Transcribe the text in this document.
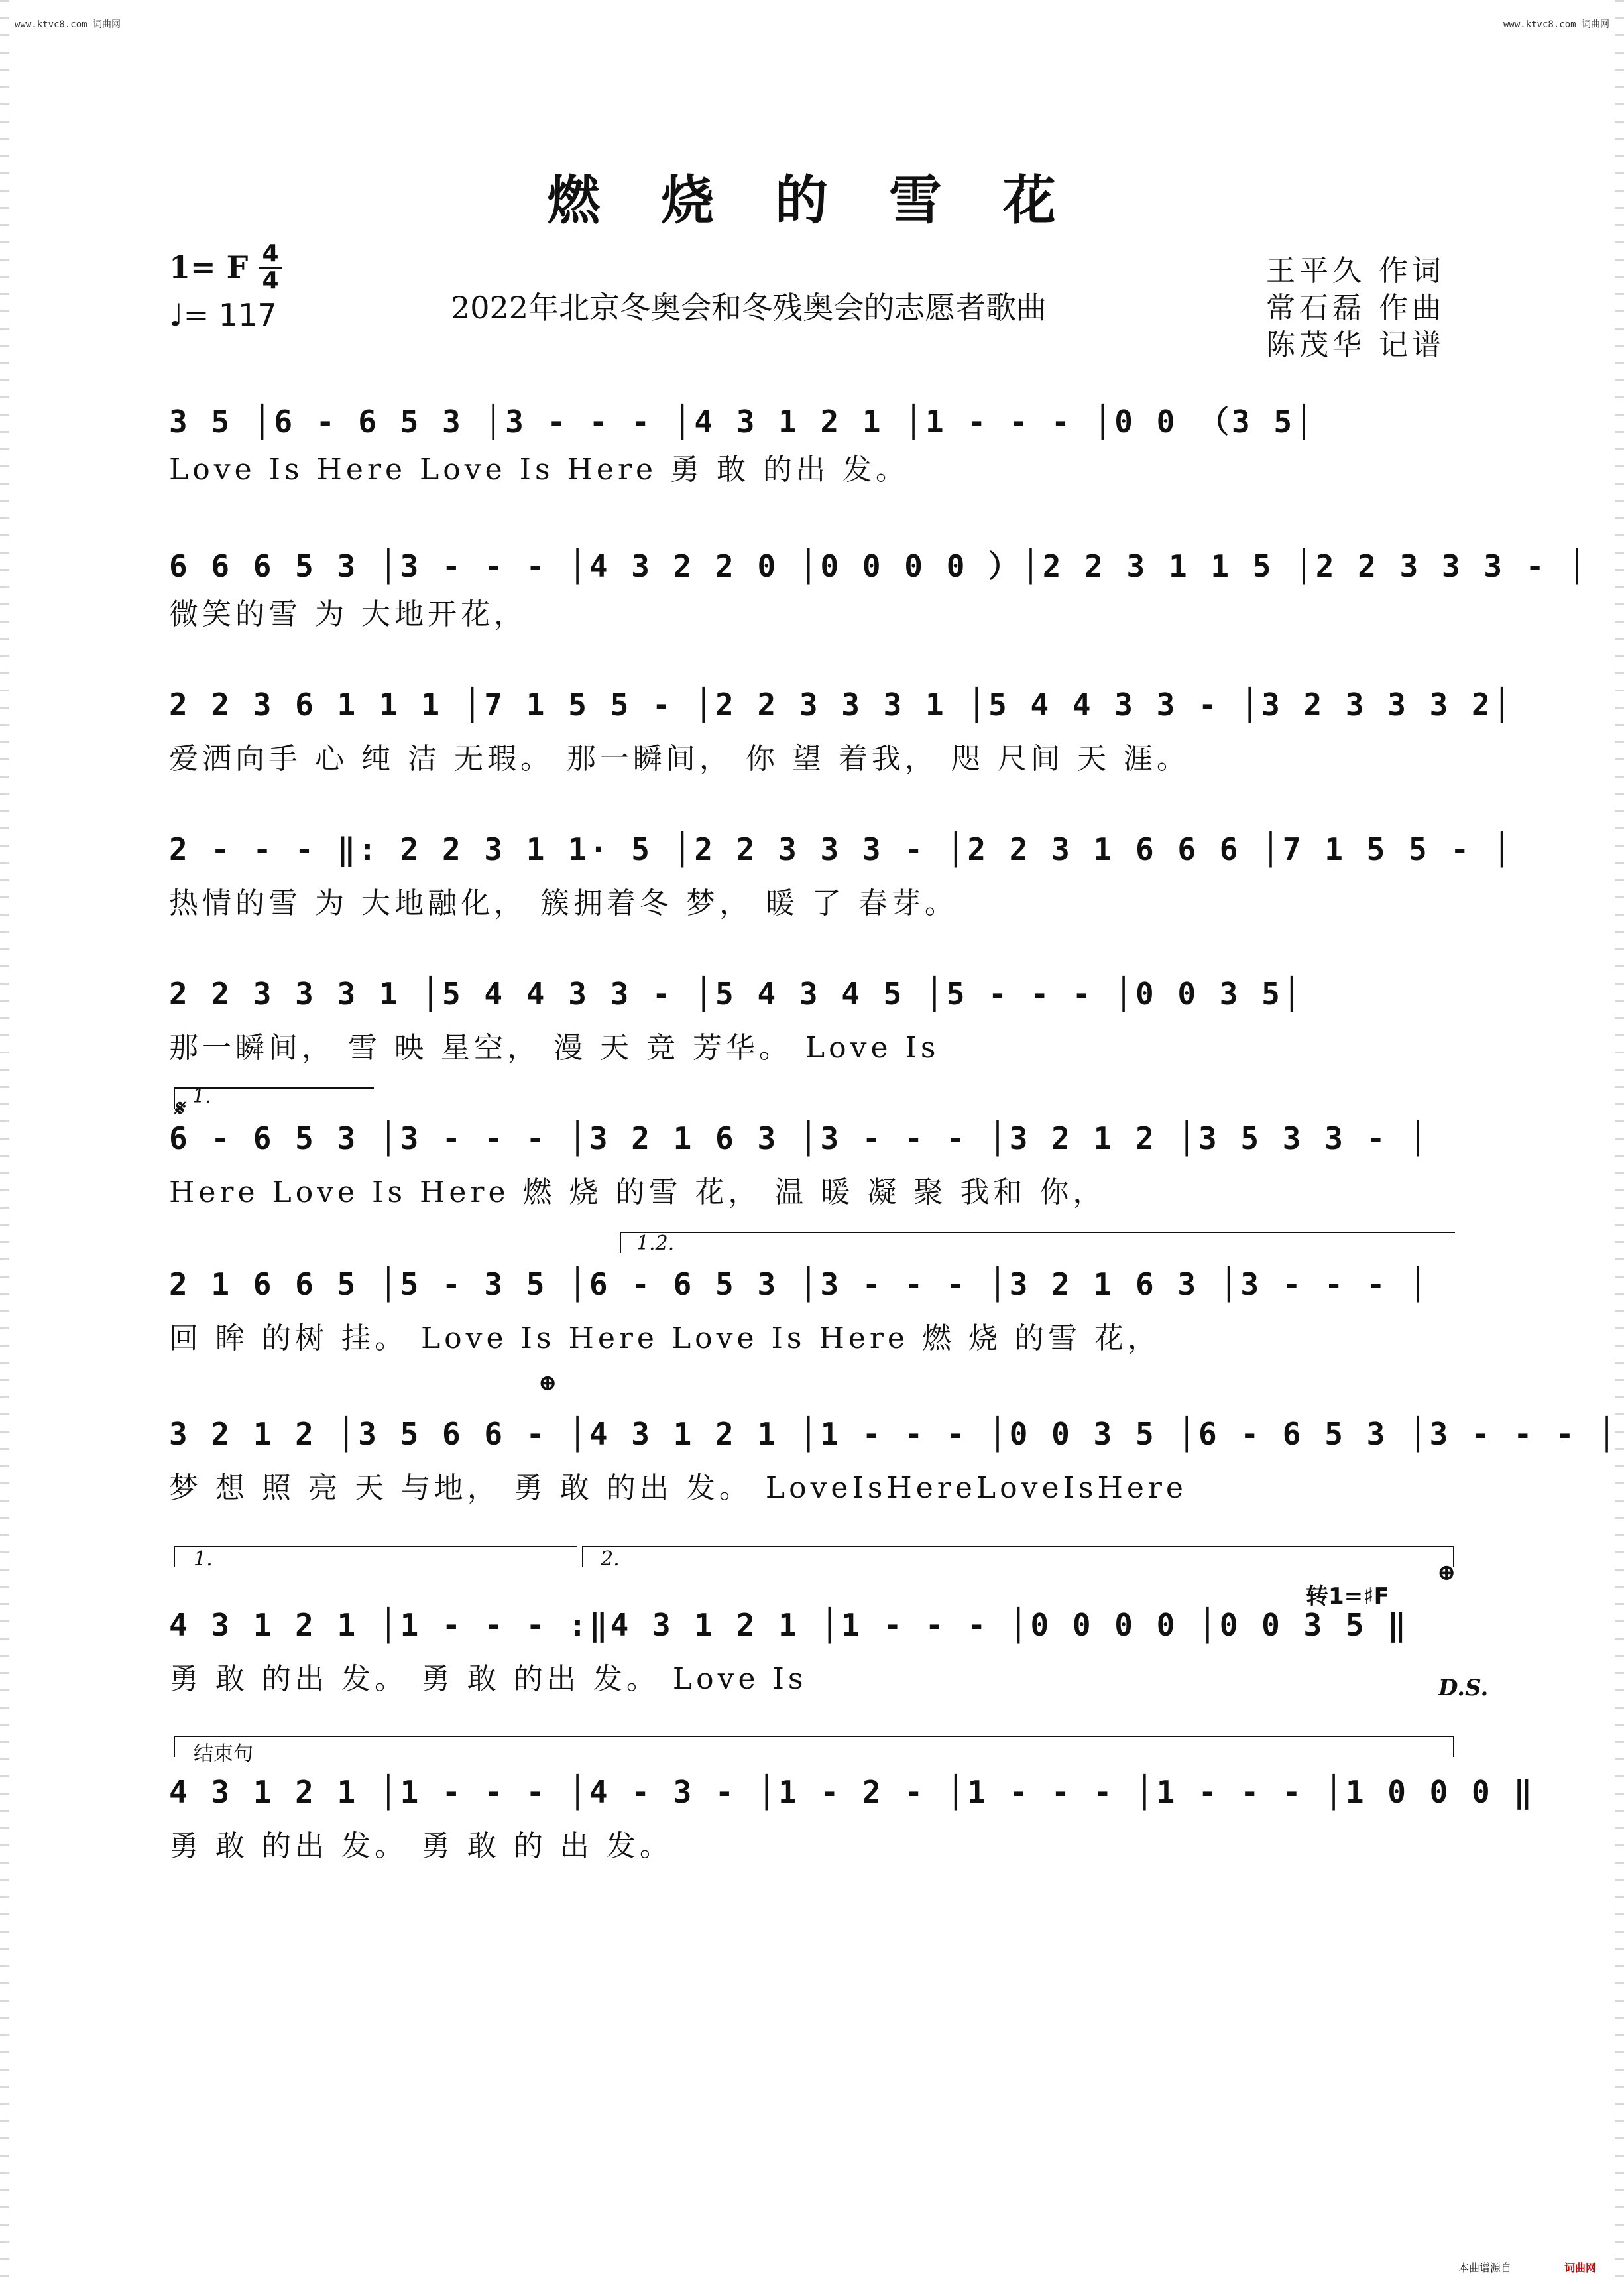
www.ktvc8.com 词曲网	www.ktvc8.com 词曲网
燃 烧 的 雪 花
1= F 4
4
♩= 117	2022年北京冬奥会和冬残奥会的志愿者歌曲
王平久 作词
常石磊 作曲
陈茂华 记谱
3 5 │6 - 6 5 3 │3 - - - │4 3 1 2 1 │1 - - - │0 0 （3 5│
Love Is Here Love Is Here 勇 敢 的出 发。
6 6 6 5 3 │3 - - - │4 3 2 2 0 │0 0 0 0 ）│2 2 3 1 1 5 │2 2 3 3 3 - │
微笑的雪 为 大地开花，
2 2 3 6 1 1 1 │7 1 5 5 - │2 2 3 3 3 1 │5 4 4 3 3 - │3 2 3 3 3 2│
爱洒向手 心 纯 洁 无瑕。 那一瞬间， 你 望 着我， 咫 尺间 天 涯。
2 - - - ‖: 2 2 3 1 1· 5 │2 2 3 3 3 - │2 2 3 1 6 6 6 │7 1 5 5 - │
热情的雪 为 大地融化， 簇拥着冬 梦， 暖 了 春芽。
2 2 3 3 3 1 │5 4 4 3 3 - │5 4 3 4 5 │5 - - - │0 0 3 5│
那一瞬间， 雪 映 星空， 漫 天 竞 芳华。 Love Is
1.
𝄋
6 - 6 5 3 │3 - - - │3 2 1 6 3 │3 - - - │3 2 1 2 │3 5 3 3 - │
Here Love Is Here 燃 烧 的雪 花， 温 暖 凝 聚 我和 你，
1.2.
2 1 6 6 5 │5 - 3 5 │6 - 6 5 3 │3 - - - │3 2 1 6 3 │3 - - - │
回 眸 的树 挂。 Love Is Here Love Is Here 燃 烧 的雪 花，
⊕
3 2 1 2 │3 5 6 6 - │4 3 1 2 1 │1 - - - │0 0 3 5 │6 - 6 5 3 │3 - - - │
梦 想 照 亮 天 与地， 勇 敢 的出 发。 LoveIsHereLoveIsHere
1.	2.
转1=♯F
⊕
4 3 1 2 1 │1 - - - :‖4 3 1 2 1 │1 - - - │0 0 0 0 │0 0 3 5 ‖
勇 敢 的出 发。 勇 敢 的出 发。 Love Is	D.S.
结束句
4 3 1 2 1 │1 - - - │4 - 3 - │1 - 2 - │1 - - - │1 - - - │1 0 0 0 ‖
勇 敢 的出 发。 勇 敢 的 出 发。
本曲谱源自	词曲网
